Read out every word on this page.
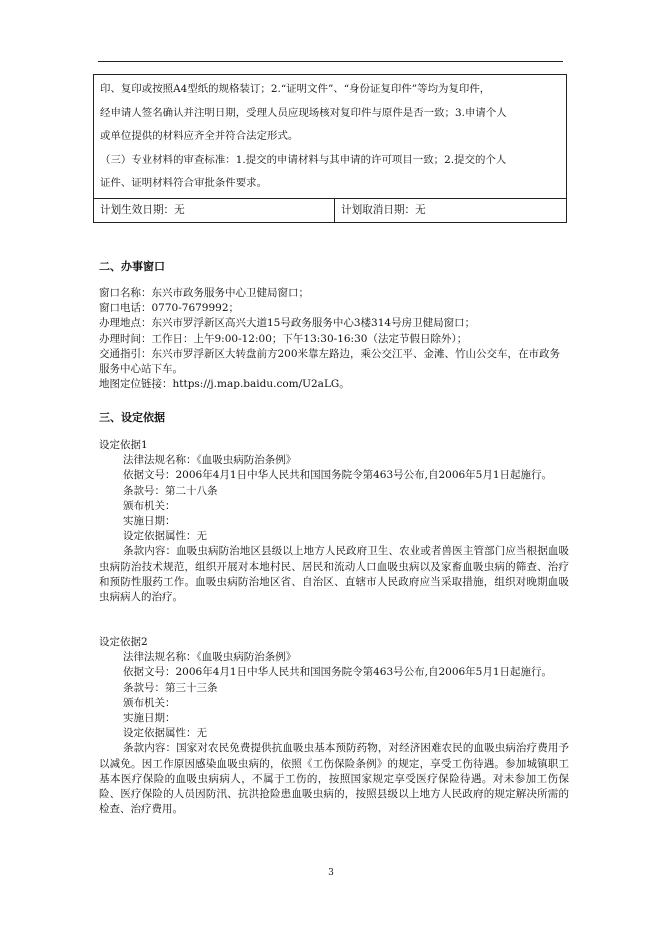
印、复印或按照A4型纸的规格装订；2.“证明文件”、“身份证复印件”等均为复印件，

经申请人签名确认并注明日期，受理人员应现场核对复印件与原件是否一致；3.申请个人

或单位提供的材料应齐全并符合法定形式。

（三）专业材料的审查标准：1.提交的申请材料与其申请的许可项目一致；2.提交的个人

证件、证明材料符合审批条件要求。

计划生效日期：无	计划取消日期：无
二、办事窗口

窗口名称：东兴市政务服务中心卫健局窗口；

窗口电话：0770-7679992；

办理地点：东兴市罗浮新区高兴大道15号政务服务中心3楼314号房卫健局窗口；

办理时间：工作日：上午9:00-12:00；下午13:30-16:30（法定节假日除外）；

交通指引：东兴市罗浮新区大转盘前方200米靠左路边，乘公交江平、金滩、竹山公交车，在市政务服务中心站下车。

地图定位链接：https://j.map.baidu.com/U2aLG。

三、设定依据

设定依据1

法律法规名称：《血吸虫病防治条例》

依据文号：2006年4月1日中华人民共和国国务院令第463号公布,自2006年5月1日起施行。

条款号：第二十八条

颁布机关：

实施日期：

设定依据属性：无

条款内容：血吸虫病防治地区县级以上地方人民政府卫生、农业或者兽医主管部门应当根据血吸虫病防治技术规范，组织开展对本地村民、居民和流动人口血吸虫病以及家畜血吸虫病的筛查、治疗和预防性服药工作。血吸虫病防治地区省、自治区、直辖市人民政府应当采取措施，组织对晚期血吸虫病病人的治疗。

设定依据2

法律法规名称：《血吸虫病防治条例》

依据文号：2006年4月1日中华人民共和国国务院令第463号公布,自2006年5月1日起施行。

条款号：第三十三条

颁布机关：

实施日期：

设定依据属性：无

条款内容：国家对农民免费提供抗血吸虫基本预防药物，对经济困难农民的血吸虫病治疗费用予以减免。因工作原因感染血吸虫病的，依照《工伤保险条例》的规定，享受工伤待遇。参加城镇职工基本医疗保险的血吸虫病病人，不属于工伤的，按照国家规定享受医疗保险待遇。对未参加工伤保险、医疗保险的人员因防汛、抗洪抢险患血吸虫病的，按照县级以上地方人民政府的规定解决所需的检查、治疗费用。

3
